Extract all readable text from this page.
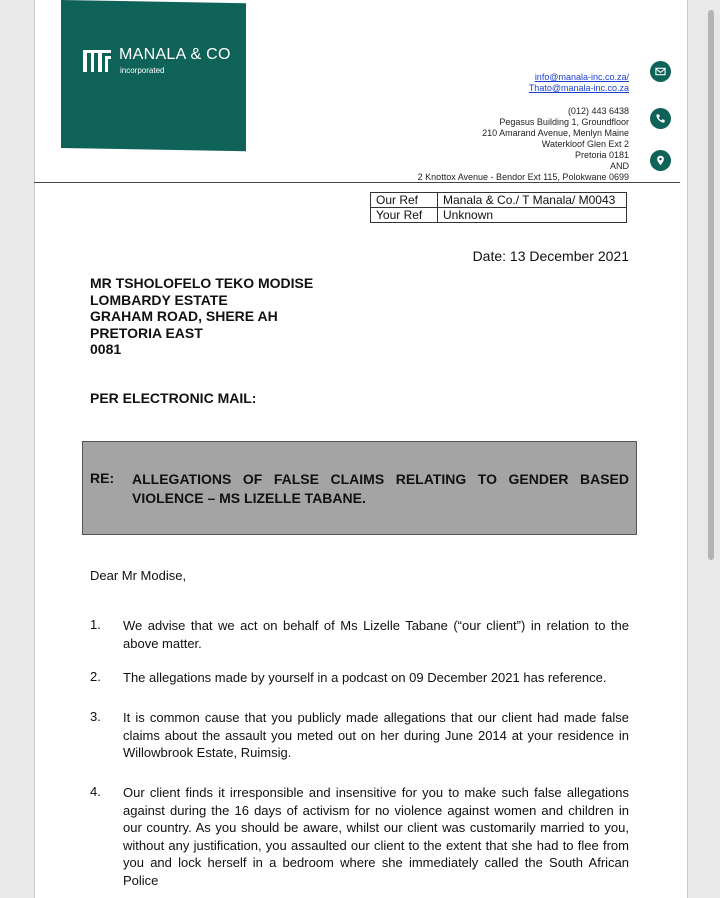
MANALA & CO
incorporated
info@manala-inc.co.za/
Thato@manala-inc.co.za
(012) 443 6438
Pegasus Building 1, Groundfloor
210 Amarand Avenue, Menlyn Maine
Waterkloof Glen Ext 2
Pretoria 0181
AND
2 Knottox Avenue - Bendor Ext 115, Polokwane 0699
Our Ref	Manala & Co./ T Manala/ M0043
Your Ref	Unknown
Date: 13 December 2021
MR TSHOLOFELO TEKO MODISE
LOMBARDY ESTATE
GRAHAM ROAD, SHERE AH
PRETORIA EAST
0081
PER ELECTRONIC MAIL:
RE: ALLEGATIONS OF FALSE CLAIMS RELATING TO GENDER BASED VIOLENCE – MS LIZELLE TABANE.
Dear Mr Modise,
1. We advise that we act on behalf of Ms Lizelle Tabane (“our client”) in relation to the above matter.
2. The allegations made by yourself in a podcast on 09 December 2021 has reference.
3. It is common cause that you publicly made allegations that our client had made false claims about the assault you meted out on her during June 2014 at your residence in Willowbrook Estate, Ruimsig.
4. Our client finds it irresponsible and insensitive for you to make such false allegations against during the 16 days of activism for no violence against women and children in our country. As you should be aware, whilst our client was customarily married to you, without any justification, you assaulted our client to the extent that she had to flee from you and lock herself in a bedroom where she immediately called the South African Police
